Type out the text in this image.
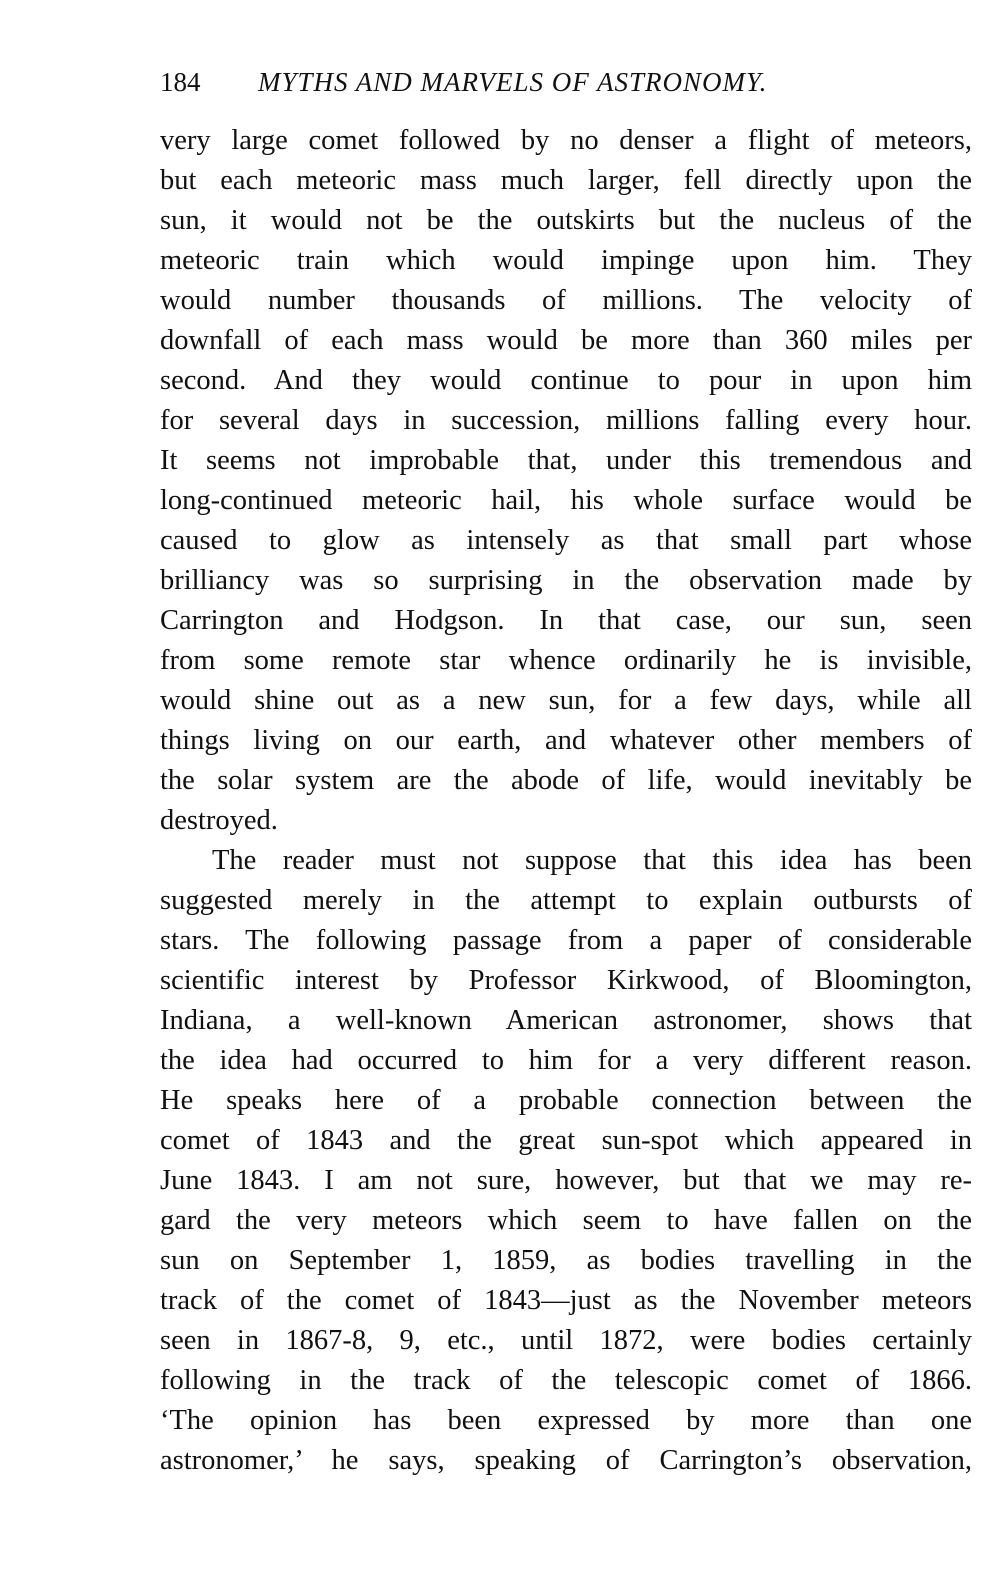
184 MYTHS AND MARVELS OF ASTRONOMY.
very large comet followed by no denser a flight of meteors,
but each meteoric mass much larger, fell directly upon the
sun, it would not be the outskirts but the nucleus of the
meteoric train which would impinge upon him. They
would number thousands of millions. The velocity of
downfall of each mass would be more than 360 miles per
second. And they would continue to pour in upon him
for several days in succession, millions falling every hour.
It seems not improbable that, under this tremendous and
long-continued meteoric hail, his whole surface would be
caused to glow as intensely as that small part whose
brilliancy was so surprising in the observation made by
Carrington and Hodgson. In that case, our sun, seen
from some remote star whence ordinarily he is invisible,
would shine out as a new sun, for a few days, while all
things living on our earth, and whatever other members of
the solar system are the abode of life, would inevitably be
destroyed.
The reader must not suppose that this idea has been
suggested merely in the attempt to explain outbursts of
stars. The following passage from a paper of considerable
scientific interest by Professor Kirkwood, of Bloomington,
Indiana, a well-known American astronomer, shows that
the idea had occurred to him for a very different reason.
He speaks here of a probable connection between the
comet of 1843 and the great sun-spot which appeared in
June 1843. I am not sure, however, but that we may re-
gard the very meteors which seem to have fallen on the
sun on September 1, 1859, as bodies travelling in the
track of the comet of 1843—just as the November meteors
seen in 1867-8, 9, etc., until 1872, were bodies certainly
following in the track of the telescopic comet of 1866.
‘The opinion has been expressed by more than one
astronomer,’ he says, speaking of Carrington’s observation,
